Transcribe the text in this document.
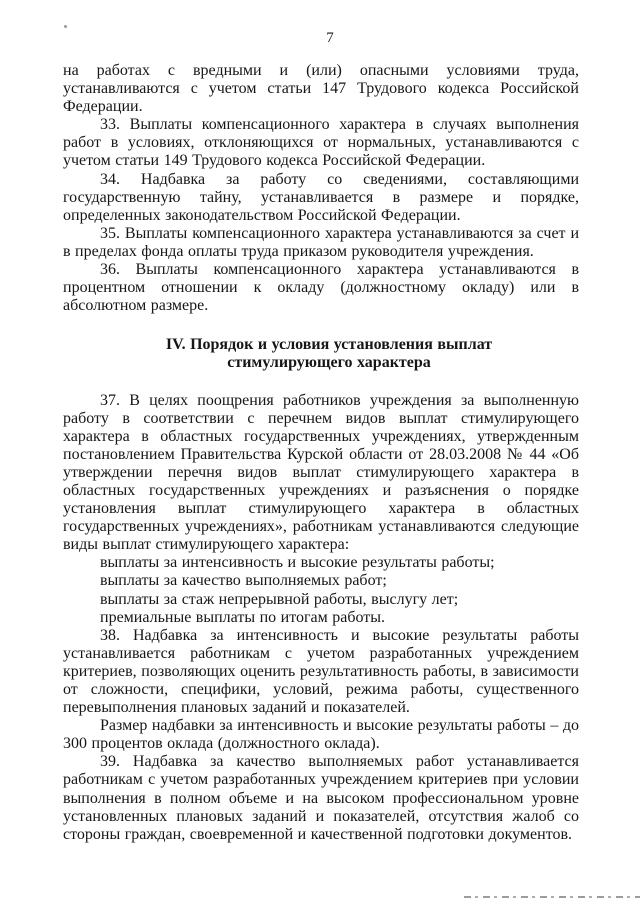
7
на работах с вредными и (или) опасными условиями труда, устанавливаются с учетом статьи 147 Трудового кодекса Российской Федерации.
33. Выплаты компенсационного характера в случаях выполнения работ в условиях, отклоняющихся от нормальных, устанавливаются с учетом статьи 149 Трудового кодекса Российской Федерации.
34. Надбавка за работу со сведениями, составляющими государственную тайну, устанавливается в размере и порядке, определенных законодательством Российской Федерации.
35. Выплаты компенсационного характера устанавливаются за счет и в пределах фонда оплаты труда приказом руководителя учреждения.
36. Выплаты компенсационного характера устанавливаются в процентном отношении к окладу (должностному окладу) или в абсолютном размере.
IV. Порядок и условия установления выплат
стимулирующего характера
37. В целях поощрения работников учреждения за выполненную работу в соответствии с перечнем видов выплат стимулирующего характера в областных государственных учреждениях, утвержденным постановлением Правительства Курской области от 28.03.2008 № 44 «Об утверждении перечня видов выплат стимулирующего характера в областных государственных учреждениях и разъяснения о порядке установления выплат стимулирующего характера в областных государственных учреждениях», работникам устанавливаются следующие виды выплат стимулирующего характера:
выплаты за интенсивность и высокие результаты работы;
выплаты за качество выполняемых работ;
выплаты за стаж непрерывной работы, выслугу лет;
премиальные выплаты по итогам работы.
38. Надбавка за интенсивность и высокие результаты работы устанавливается работникам с учетом разработанных учреждением критериев, позволяющих оценить результативность работы, в зависимости от сложности, специфики, условий, режима работы, существенного перевыполнения плановых заданий и показателей.
Размер надбавки за интенсивность и высокие результаты работы – до 300 процентов оклада (должностного оклада).
39. Надбавка за качество выполняемых работ устанавливается работникам с учетом разработанных учреждением критериев при условии выполнения в полном объеме и на высоком профессиональном уровне установленных плановых заданий и показателей, отсутствия жалоб со стороны граждан, своевременной и качественной подготовки документов.
